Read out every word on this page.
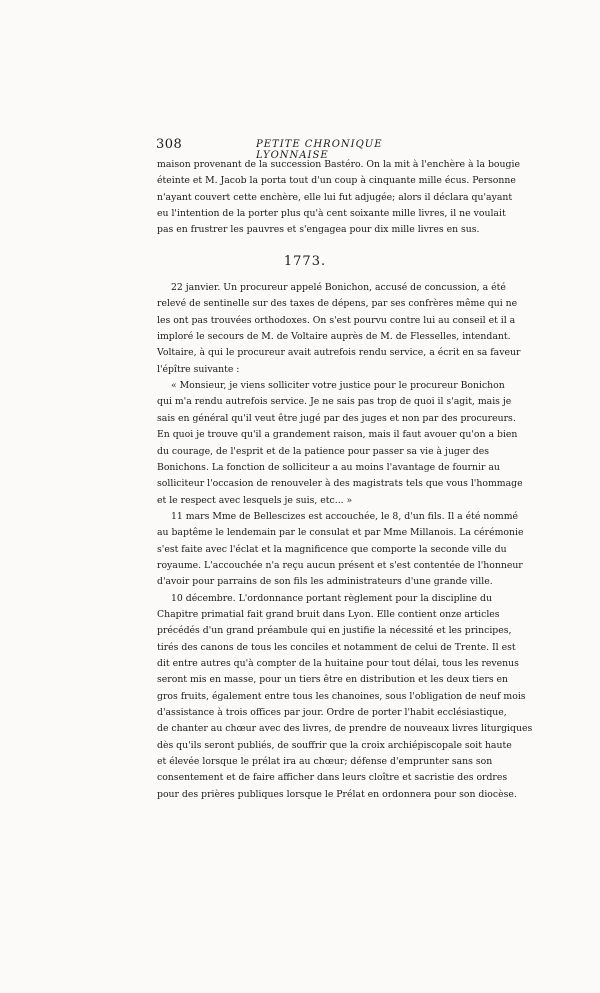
308	PETITE CHRONIQUE LYONNAISE
maison provenant de la succession Bastéro. On la mit à l'enchère à la bougie
éteinte et M. Jacob la porta tout d'un coup à cinquante mille écus. Personne
n'ayant couvert cette enchère, elle lui fut adjugée; alors il déclara qu'ayant
eu l'intention de la porter plus qu'à cent soixante mille livres, il ne voulait
pas en frustrer les pauvres et s'engagea pour dix mille livres en sus.
1773.
22 janvier. Un procureur appelé Bonichon, accusé de concussion, a été
relevé de sentinelle sur des taxes de dépens, par ses confrères même qui ne
les ont pas trouvées orthodoxes. On s'est pourvu contre lui au conseil et il a
imploré le secours de M. de Voltaire auprès de M. de Flesselles, intendant.
Voltaire, à qui le procureur avait autrefois rendu service, a écrit en sa faveur
l'épître suivante :
« Monsieur, je viens solliciter votre justice pour le procureur Bonichon
qui m'a rendu autrefois service. Je ne sais pas trop de quoi il s'agit, mais je
sais en général qu'il veut être jugé par des juges et non par des procureurs.
En quoi je trouve qu'il a grandement raison, mais il faut avouer qu'on a bien
du courage, de l'esprit et de la patience pour passer sa vie à juger des
Bonichons. La fonction de solliciteur a au moins l'avantage de fournir au
solliciteur l'occasion de renouveler à des magistrats tels que vous l'hommage
et le respect avec lesquels je suis, etc... »
11 mars Mme de Bellescizes est accouchée, le 8, d'un fils. Il a été nommé
au baptême le lendemain par le consulat et par Mme Millanois. La cérémonie
s'est faite avec l'éclat et la magnificence que comporte la seconde ville du
royaume. L'accouchée n'a reçu aucun présent et s'est contentée de l'honneur
d'avoir pour parrains de son fils les administrateurs d'une grande ville.
10 décembre. L'ordonnance portant règlement pour la discipline du
Chapitre primatial fait grand bruit dans Lyon. Elle contient onze articles
précédés d'un grand préambule qui en justifie la nécessité et les principes,
tirés des canons de tous les conciles et notamment de celui de Trente. Il est
dit entre autres qu'à compter de la huitaine pour tout délai, tous les revenus
seront mis en masse, pour un tiers être en distribution et les deux tiers en
gros fruits, également entre tous les chanoines, sous l'obligation de neuf mois
d'assistance à trois offices par jour. Ordre de porter l'habit ecclésiastique,
de chanter au chœur avec des livres, de prendre de nouveaux livres liturgiques
dès qu'ils seront publiés, de souffrir que la croix archiépiscopale soit haute
et élevée lorsque le prélat ira au chœur; défense d'emprunter sans son
consentement et de faire afficher dans leurs cloître et sacristie des ordres
pour des prières publiques lorsque le Prélat en ordonnera pour son diocèse.
